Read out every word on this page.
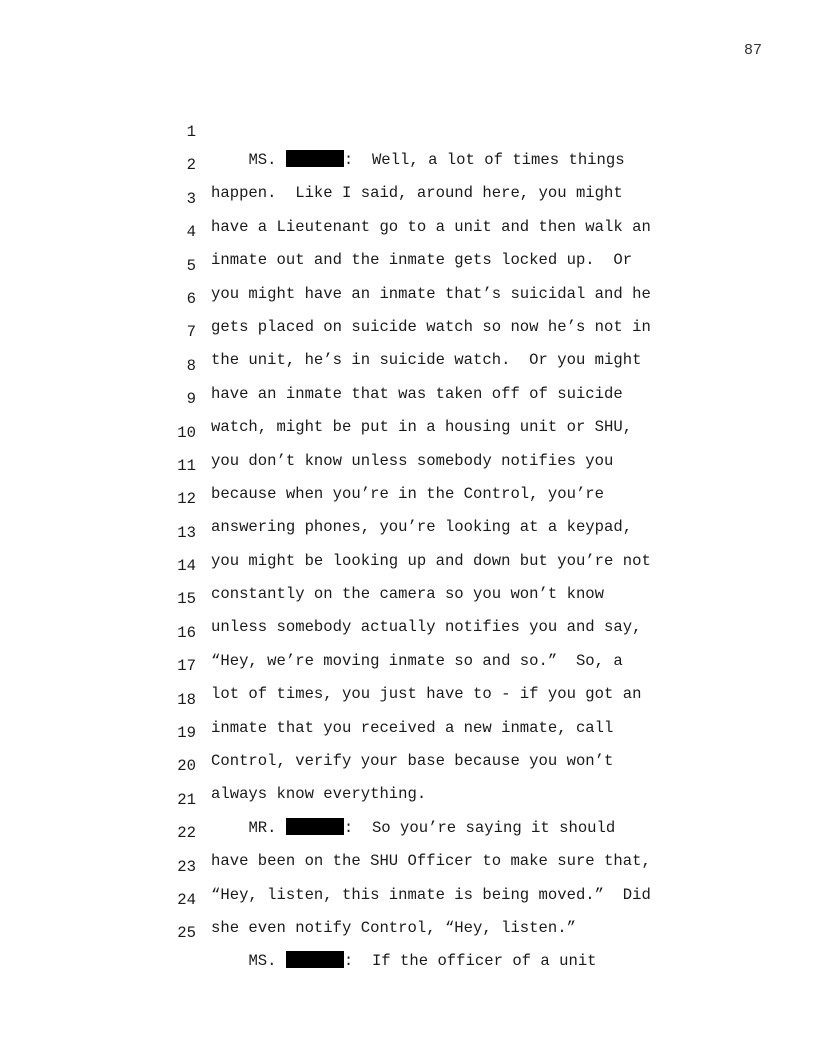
87

1

MS.	:  Well, a lot of times things

2

happen.  Like I said, around here, you might

3

have a Lieutenant go to a unit and then walk an

4

inmate out and the inmate gets locked up.  Or

5

you might have an inmate that’s suicidal and he

6

gets placed on suicide watch so now he’s not in

7

the unit, he’s in suicide watch.  Or you might

8

have an inmate that was taken off of suicide

9

watch, might be put in a housing unit or SHU,

10

you don’t know unless somebody notifies you

11

because when you’re in the Control, you’re

12

answering phones, you’re looking at a keypad,

13

you might be looking up and down but you’re not

14

constantly on the camera so you won’t know

15

unless somebody actually notifies you and say,

16

“Hey, we’re moving inmate so and so.”  So, a

17

lot of times, you just have to - if you got an

18

inmate that you received a new inmate, call

19

Control, verify your base because you won’t

20

always know everything.

21

MR.	:  So you’re saying it should

22

have been on the SHU Officer to make sure that,

23

“Hey, listen, this inmate is being moved.”  Did

24

she even notify Control, “Hey, listen.”

25

MS.	:  If the officer of a unit
